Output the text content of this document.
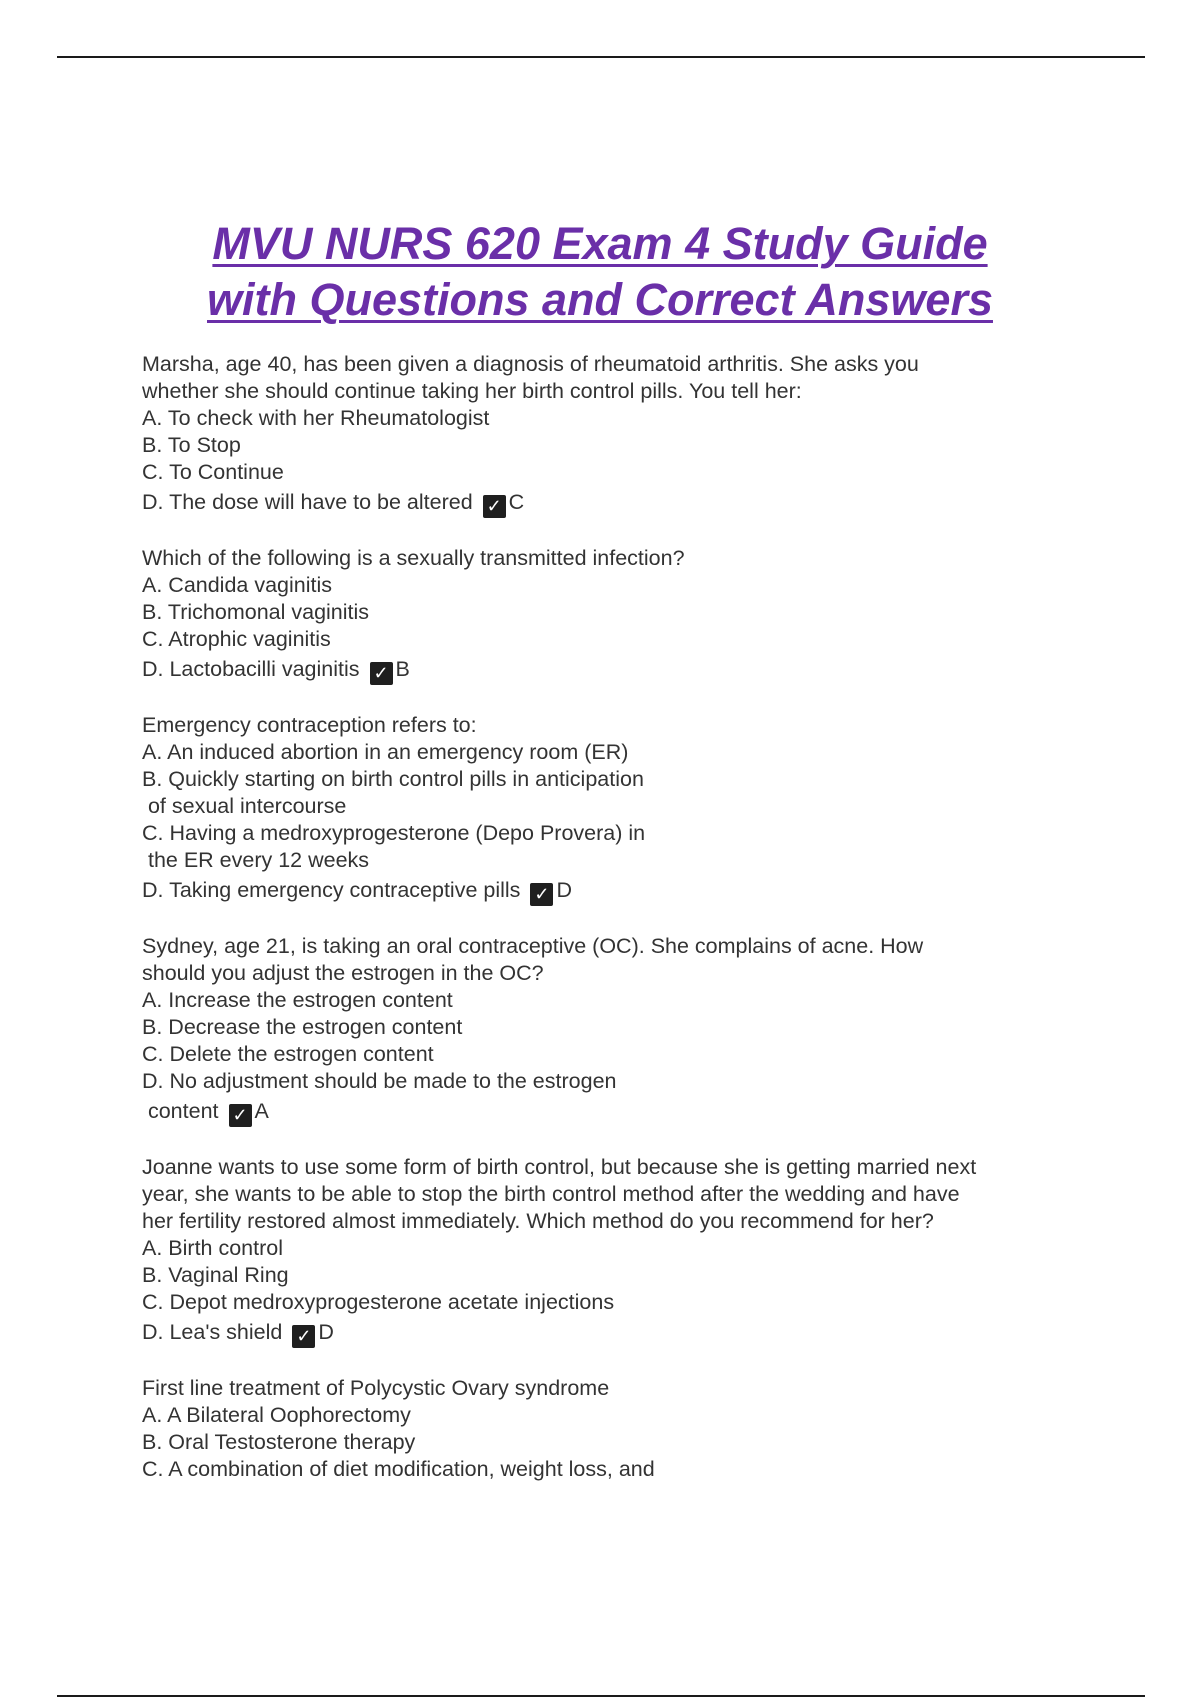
MVU NURS 620 Exam 4 Study Guide
with Questions and Correct Answers
Marsha, age 40, has been given a diagnosis of rheumatoid arthritis. She asks you
whether she should continue taking her birth control pills. You tell her:
A. To check with her Rheumatologist
B. To Stop
C. To Continue
D. The dose will have to be altered ✓ C
Which of the following is a sexually transmitted infection?
A. Candida vaginitis
B. Trichomonal vaginitis
C. Atrophic vaginitis
D. Lactobacilli vaginitis ✓ B
Emergency contraception refers to:
A. An induced abortion in an emergency room (ER)
B. Quickly starting on birth control pills in anticipation
of sexual intercourse
C. Having a medroxyprogesterone (Depo Provera) in
the ER every 12 weeks
D. Taking emergency contraceptive pills ✓ D
Sydney, age 21, is taking an oral contraceptive (OC). She complains of acne. How
should you adjust the estrogen in the OC?
A. Increase the estrogen content
B. Decrease the estrogen content
C. Delete the estrogen content
D. No adjustment should be made to the estrogen
content ✓ A
Joanne wants to use some form of birth control, but because she is getting married next
year, she wants to be able to stop the birth control method after the wedding and have
her fertility restored almost immediately. Which method do you recommend for her?
A. Birth control
B. Vaginal Ring
C. Depot medroxyprogesterone acetate injections
D. Lea's shield ✓ D
First line treatment of Polycystic Ovary syndrome
A. A Bilateral Oophorectomy
B. Oral Testosterone therapy
C. A combination of diet modification, weight loss, and
